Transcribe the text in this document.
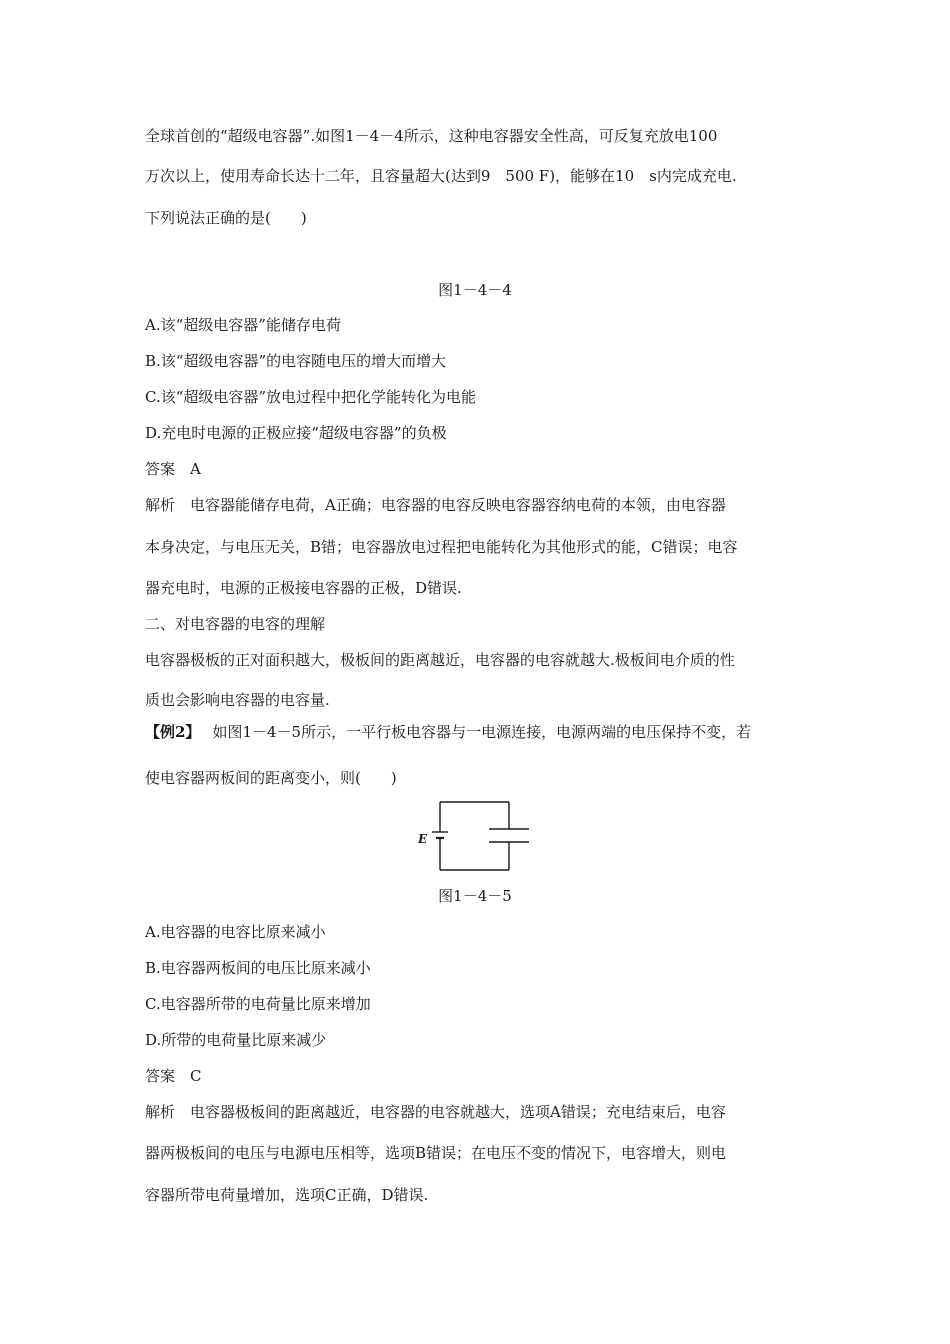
全球首创的“超级电容器”.如图1－4－4所示，这种电容器安全性高，可反复充放电100
万次以上，使用寿命长达十二年，且容量超大(达到9　500 F)，能够在10　s内完成充电.
下列说法正确的是(　　)
图1－4－4
A.该“超级电容器”能储存电荷
B.该“超级电容器”的电容随电压的增大而增大
C.该“超级电容器”放电过程中把化学能转化为电能
D.充电时电源的正极应接“超级电容器”的负极
答案　A
解析　电容器能储存电荷，A正确；电容器的电容反映电容器容纳电荷的本领，由电容器
本身决定，与电压无关，B错；电容器放电过程把电能转化为其他形式的能，C错误；电容
器充电时，电源的正极接电容器的正极，D错误.
二、对电容器的电容的理解
电容器极板的正对面积越大，极板间的距离越近，电容器的电容就越大.极板间电介质的性
质也会影响电容器的电容量.
【例2】 如图1－4－5所示，一平行板电容器与一电源连接，电源两端的电压保持不变，若
使电容器两板间的距离变小，则(　　)
E
图1－4－5
A.电容器的电容比原来减小
B.电容器两板间的电压比原来减小
C.电容器所带的电荷量比原来增加
D.所带的电荷量比原来减少
答案　C
解析　电容器极板间的距离越近，电容器的电容就越大，选项A错误；充电结束后，电容
器两极板间的电压与电源电压相等，选项B错误；在电压不变的情况下，电容增大，则电
容器所带电荷量增加，选项C正确，D错误.
